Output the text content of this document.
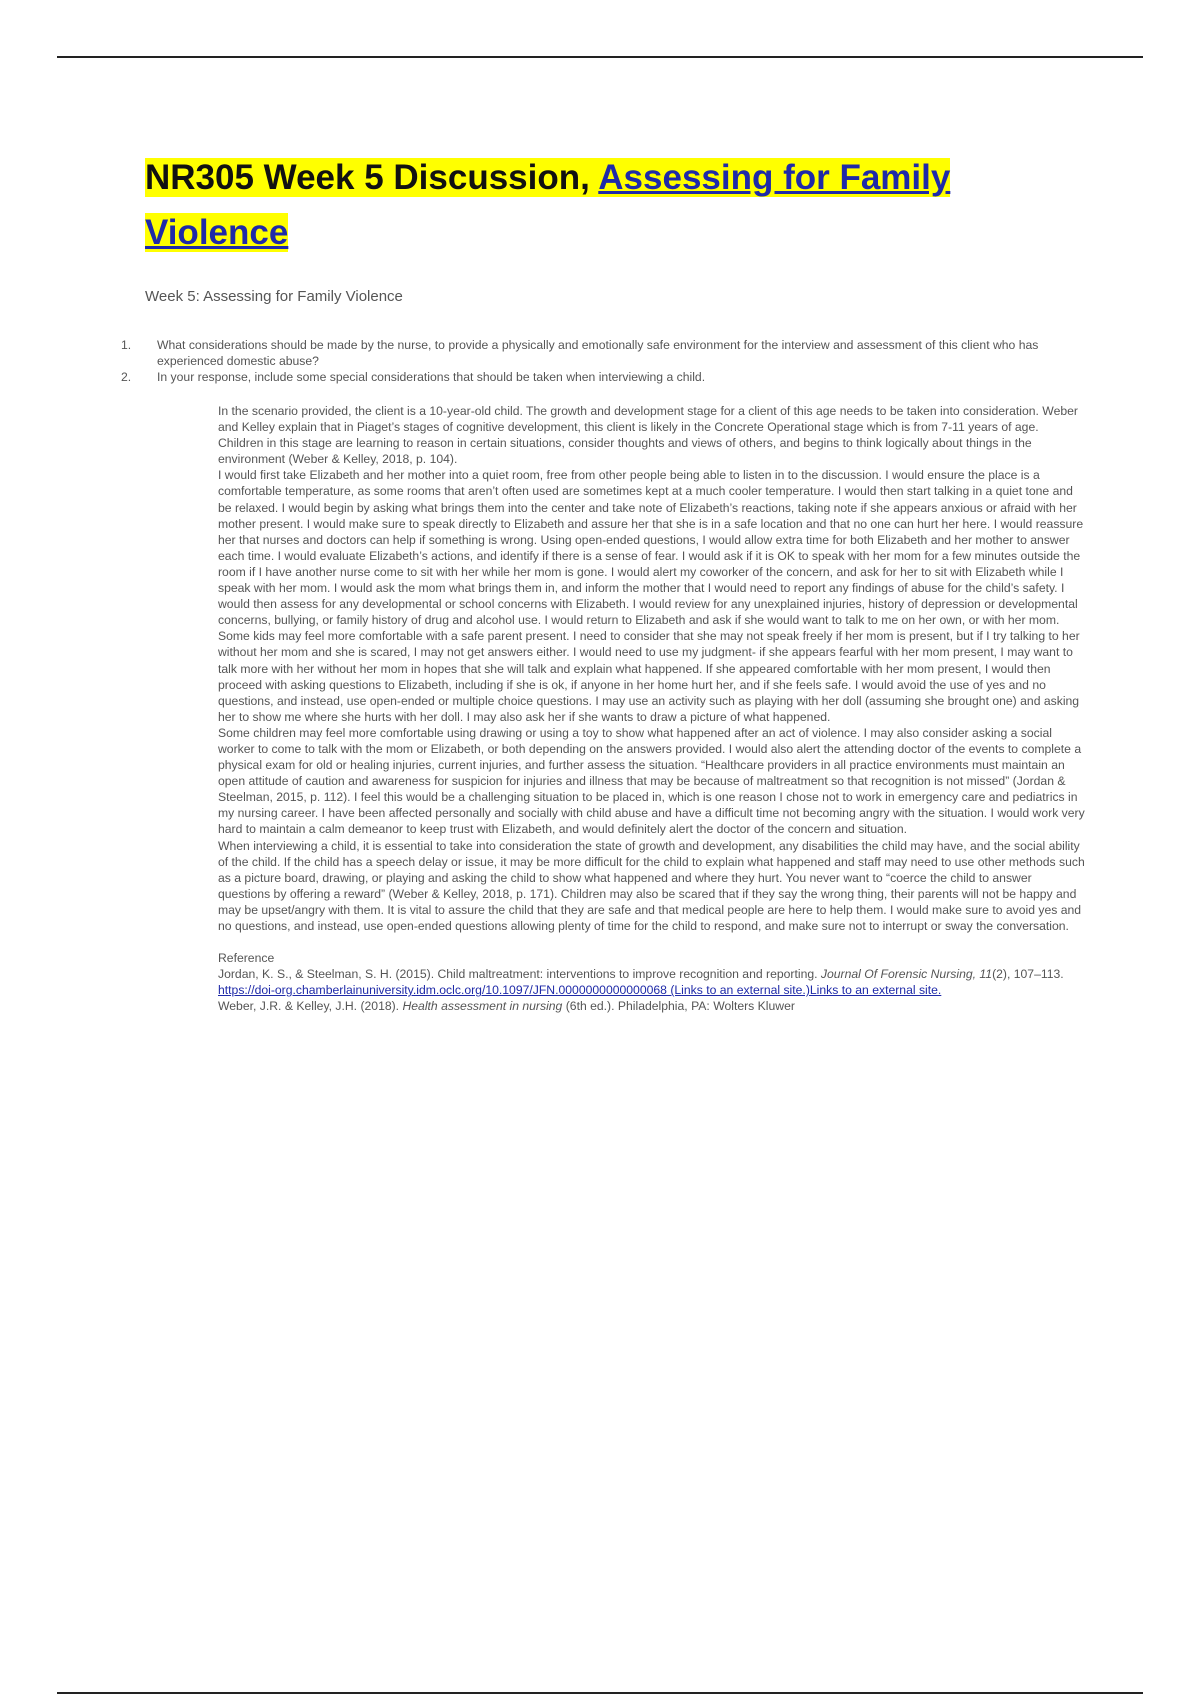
NR305 Week 5 Discussion, Assessing for Family
Violence

Week 5: Assessing for Family Violence

1. What considerations should be made by the nurse, to provide a physically and emotionally safe environment for the interview and assessment of this client who has experienced domestic abuse?
2. In your response, include some special considerations that should be taken when interviewing a child.

In the scenario provided, the client is a 10-year-old child. The growth and development stage for a client of this age needs to be taken into consideration. Weber and Kelley explain that in Piaget’s stages of cognitive development, this client is likely in the Concrete Operational stage which is from 7-11 years of age. Children in this stage are learning to reason in certain situations, consider thoughts and views of others, and begins to think logically about things in the environment (Weber & Kelley, 2018, p. 104).

I would first take Elizabeth and her mother into a quiet room, free from other people being able to listen in to the discussion. I would ensure the place is a comfortable temperature, as some rooms that aren’t often used are sometimes kept at a much cooler temperature. I would then start talking in a quiet tone and be relaxed. I would begin by asking what brings them into the center and take note of Elizabeth’s reactions, taking note if she appears anxious or afraid with her mother present. I would make sure to speak directly to Elizabeth and assure her that she is in a safe location and that no one can hurt her here. I would reassure her that nurses and doctors can help if something is wrong. Using open-ended questions, I would allow extra time for both Elizabeth and her mother to answer each time. I would evaluate Elizabeth’s actions, and identify if there is a sense of fear. I would ask if it is OK to speak with her mom for a few minutes outside the room if I have another nurse come to sit with her while her mom is gone. I would alert my coworker of the concern, and ask for her to sit with Elizabeth while I speak with her mom. I would ask the mom what brings them in, and inform the mother that I would need to report any findings of abuse for the child’s safety. I would then assess for any developmental or school concerns with Elizabeth. I would review for any unexplained injuries, history of depression or developmental concerns, bullying, or family history of drug and alcohol use. I would return to Elizabeth and ask if she would want to talk to me on her own, or with her mom. Some kids may feel more comfortable with a safe parent present. I need to consider that she may not speak freely if her mom is present, but if I try talking to her without her mom and she is scared, I may not get answers either. I would need to use my judgment- if she appears fearful with her mom present, I may want to talk more with her without her mom in hopes that she will talk and explain what happened. If she appeared comfortable with her mom present, I would then proceed with asking questions to Elizabeth, including if she is ok, if anyone in her home hurt her, and if she feels safe. I would avoid the use of yes and no questions, and instead, use open-ended or multiple choice questions. I may use an activity such as playing with her doll (assuming she brought one) and asking her to show me where she hurts with her doll. I may also ask her if she wants to draw a picture of what happened.

Some children may feel more comfortable using drawing or using a toy to show what happened after an act of violence. I may also consider asking a social worker to come to talk with the mom or Elizabeth, or both depending on the answers provided. I would also alert the attending doctor of the events to complete a physical exam for old or healing injuries, current injuries, and further assess the situation. “Healthcare providers in all practice environments must maintain an open attitude of caution and awareness for suspicion for injuries and illness that may be because of maltreatment so that recognition is not missed” (Jordan & Steelman, 2015, p. 112). I feel this would be a challenging situation to be placed in, which is one reason I chose not to work in emergency care and pediatrics in my nursing career. I have been affected personally and socially with child abuse and have a difficult time not becoming angry with the situation. I would work very hard to maintain a calm demeanor to keep trust with Elizabeth, and would definitely alert the doctor of the concern and situation.

When interviewing a child, it is essential to take into consideration the state of growth and development, any disabilities the child may have, and the social ability of the child. If the child has a speech delay or issue, it may be more difficult for the child to explain what happened and staff may need to use other methods such as a picture board, drawing, or playing and asking the child to show what happened and where they hurt. You never want to “coerce the child to answer questions by offering a reward” (Weber & Kelley, 2018, p. 171). Children may also be scared that if they say the wrong thing, their parents will not be happy and may be upset/angry with them. It is vital to assure the child that they are safe and that medical people are here to help them. I would make sure to avoid yes and no questions, and instead, use open-ended questions allowing plenty of time for the child to respond, and make sure not to interrupt or sway the conversation.

Reference

Jordan, K. S., & Steelman, S. H. (2015). Child maltreatment: interventions to improve recognition and reporting. Journal Of Forensic Nursing, 11(2), 107–113. https://doi-org.chamberlainuniversity.idm.oclc.org/10.1097/JFN.0000000000000068 (Links to an external site.)Links to an external site.

Weber, J.R. & Kelley, J.H. (2018). Health assessment in nursing (6th ed.). Philadelphia, PA: Wolters Kluwer
